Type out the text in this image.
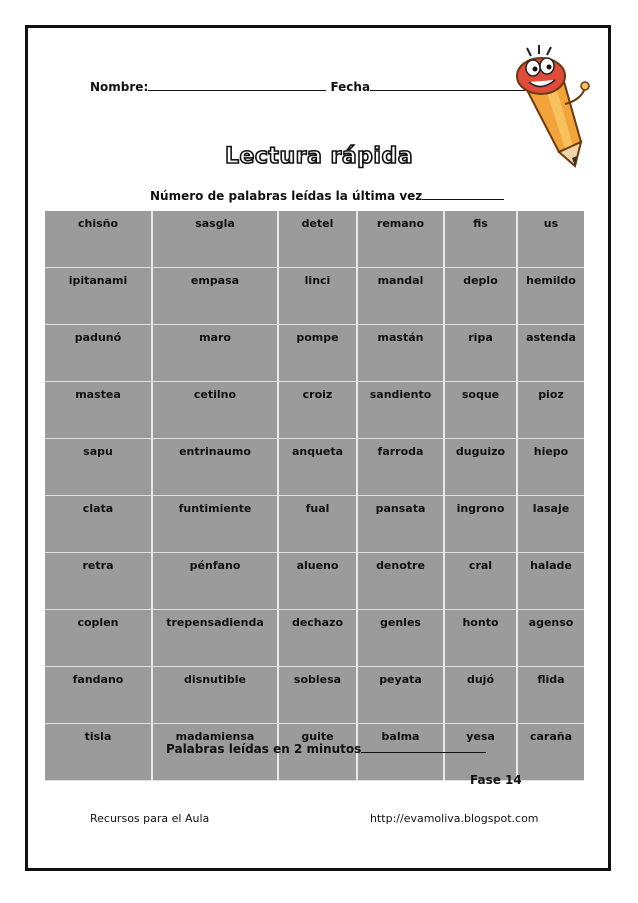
Nombre:	Fecha
Lectura rápida
Número de palabras leídas la última vez
chisño	sasgla	detel	remano	fis	us
ipitanami	empasa	linci	mandal	deplo	hemildo
padunó	maro	pompe	mastán	ripa	astenda
mastea	cetilno	croiz	sandiento	soque	pioz
sapu	entrinaumo	anqueta	farroda	duguizo	hiepo
clata	funtimiente	fual	pansata	ingrono	lasaje
retra	pénfano	alueno	denotre	cral	halade
coplen	trepensadienda	dechazo	genles	honto	agenso
fandano	disnutible	soblesa	peyata	dujó	flida
tisla	madamiensa	guite	balma	yesa	caraña
Palabras leídas en 2 minutos
Fase 14
Recursos para el Aula	http://evamoliva.blogspot.com
